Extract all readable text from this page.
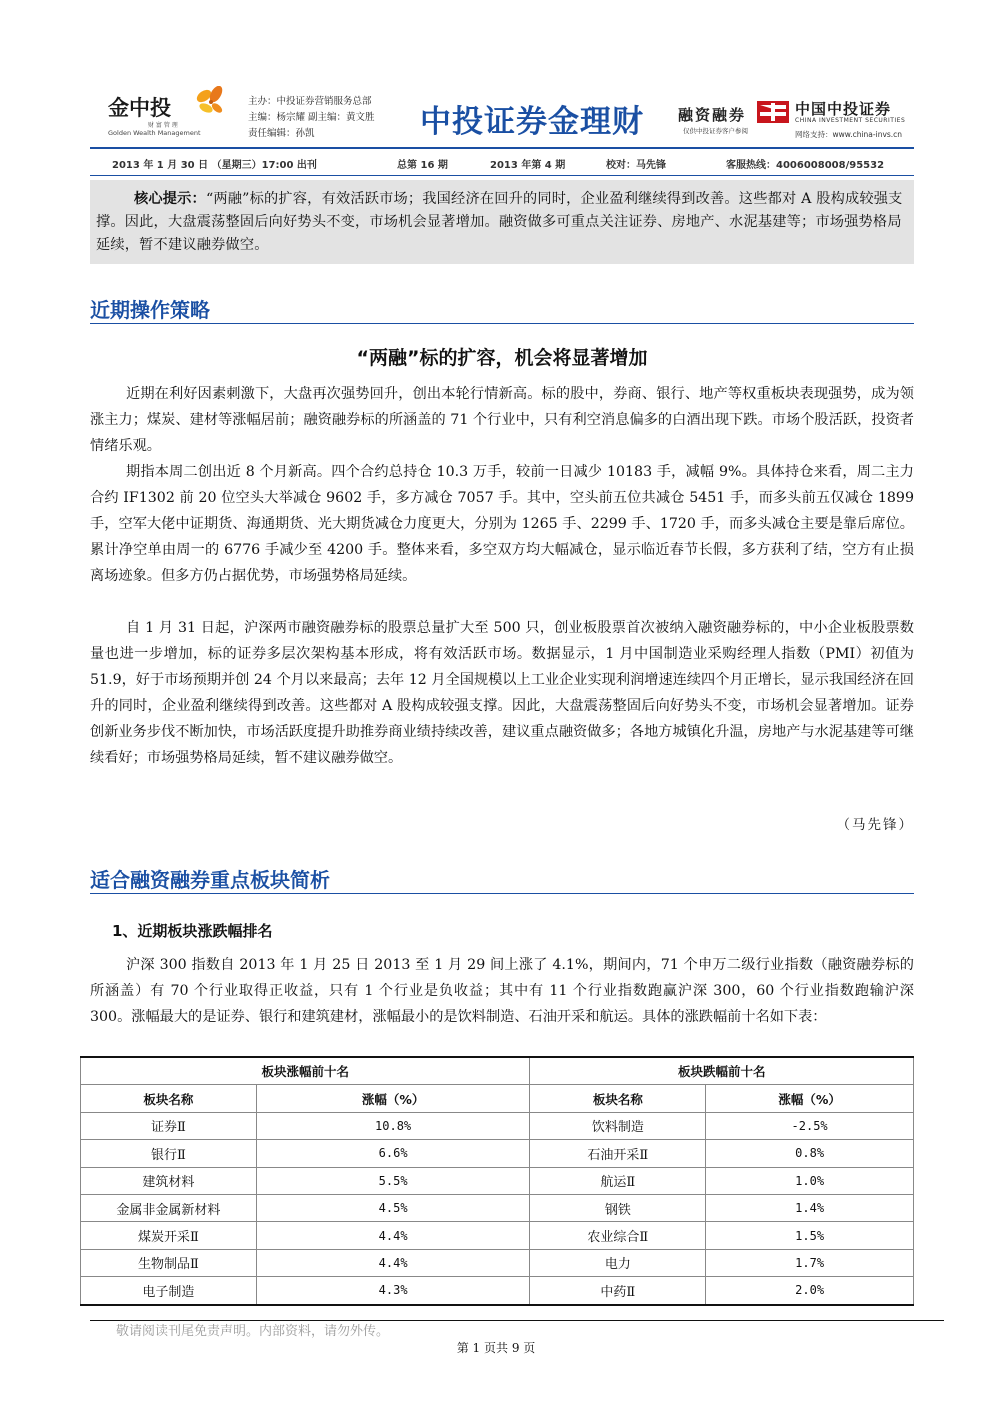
金中投
财 富 管 理
Golden Wealth Management
主办：中投证券营销服务总部
主编：杨宗耀 副主编：黄文胜
责任编辑：孙凯	中投证券金理财 融资融券
仅供中投证券客户参阅
中国中投证券
CHINA INVESTMENT SECURITIES
网络支持：www.china-invs.cn
2013 年 1 月 30 日 （星期三）17:00 出刊	总第 16 期	2013 年第 4 期	校对：马先锋	客服热线：4006008008/95532
核心提示：“两融”标的扩容，有效活跃市场；我国经济在回升的同时，企业盈利继续得到改善。这些都对 A 股构成较强支撑。因此，大盘震荡整固后向好势头不变，市场机会显著增加。融资做多可重点关注证券、房地产、水泥基建等；市场强势格局延续，暂不建议融券做空。
近期操作策略
“两融”标的扩容，机会将显著增加
近期在利好因素刺激下，大盘再次强势回升，创出本轮行情新高。标的股中，券商、银行、地产等权重板块表现强势，成为领涨主力；煤炭、建材等涨幅居前；融资融券标的所涵盖的 71 个行业中，只有利空消息偏多的白酒出现下跌。市场个股活跃，投资者情绪乐观。
期指本周二创出近 8 个月新高。四个合约总持仓 10.3 万手，较前一日减少 10183 手，减幅 9%。具体持仓来看，周二主力合约 IF1302 前 20 位空头大举减仓 9602 手，多方减仓 7057 手。其中，空头前五位共减仓 5451 手，而多头前五仅减仓 1899 手，空军大佬中证期货、海通期货、光大期货减仓力度更大，分别为 1265 手、2299 手、1720 手，而多头减仓主要是靠后席位。累计净空单由周一的 6776 手减少至 4200 手。整体来看，多空双方均大幅减仓，显示临近春节长假，多方获利了结，空方有止损离场迹象。但多方仍占据优势，市场强势格局延续。
自 1 月 31 日起，沪深两市融资融券标的股票总量扩大至 500 只，创业板股票首次被纳入融资融券标的，中小企业板股票数量也进一步增加，标的证券多层次架构基本形成，将有效活跃市场。数据显示，1 月中国制造业采购经理人指数（PMI）初值为 51.9，好于市场预期并创 24 个月以来最高；去年 12 月全国规模以上工业企业实现利润增速连续四个月正增长，显示我国经济在回升的同时，企业盈利继续得到改善。这些都对 A 股构成较强支撑。因此，大盘震荡整固后向好势头不变，市场机会显著增加。证券创新业务步伐不断加快，市场活跃度提升助推券商业绩持续改善，建议重点融资做多；各地方城镇化升温，房地产与水泥基建等可继续看好；市场强势格局延续，暂不建议融券做空。
（马先锋）
适合融资融券重点板块简析
1、近期板块涨跌幅排名
沪深 300 指数自 2013 年 1 月 25 日 2013 至 1 月 29 间上涨了 4.1%，期间内，71 个申万二级行业指数（融资融券标的所涵盖）有 70 个行业取得正收益，只有 1 个行业是负收益；其中有 11 个行业指数跑赢沪深 300，60 个行业指数跑输沪深 300。涨幅最大的是证券、银行和建筑建材，涨幅最小的是饮料制造、石油开采和航运。具体的涨跌幅前十名如下表：
板块涨幅前十名		板块跌幅前十名	
板块名称	涨幅（%）	板块名称	涨幅（%）
证券Ⅱ	10.8%	饮料制造	-2.5%
银行Ⅱ	6.6%	石油开采Ⅱ	0.8%
建筑材料	5.5%	航运Ⅱ	1.0%
金属非金属新材料	4.5%	钢铁	1.4%
煤炭开采Ⅱ	4.4%	农业综合Ⅱ	1.5%
生物制品Ⅱ	4.4%	电力	1.7%
电子制造	4.3%	中药Ⅱ	2.0%
敬请阅读刊尾免责声明。内部资料，请勿外传。
第 1 页共 9 页
